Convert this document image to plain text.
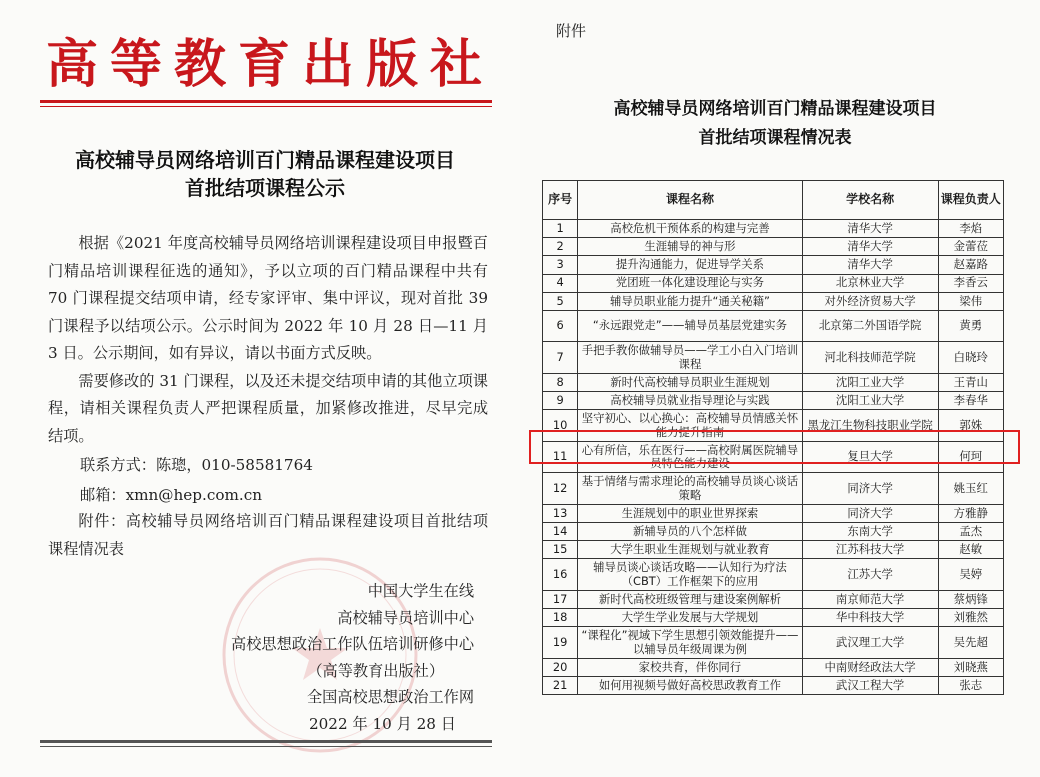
高等教育出版社
高校辅导员网络培训百门精品课程建设项目
首批结项课程公示

根据《2021 年度高校辅导员网络培训课程建设项目申报暨百门精品培训课程征选的通知》，予以立项的百门精品课程中共有 70 门课程提交结项申请，经专家评审、集中评议，现对首批 39 门课程予以结项公示。公示时间为 2022 年 10 月 28 日—11 月 3 日。公示期间，如有异议，请以书面方式反映。

需要修改的 31 门课程，以及还未提交结项申请的其他立项课程，请相关课程负责人严把课程质量，加紧修改推进，尽早完成结项。

联系方式：陈璁，010-58581764
邮箱：xmn@hep.com.cn

附件：高校辅导员网络培训百门精品课程建设项目首批结项课程情况表

中国大学生在线
高校辅导员培训中心
高校思想政治工作队伍培训研修中心
（高等教育出版社）
全国高校思想政治工作网
2022 年 10 月 28 日
附件
高校辅导员网络培训百门精品课程建设项目
首批结项课程情况表
序号	课程名称	学校名称	课程负责人
1	高校危机干预体系的构建与完善	清华大学	李焰
2	生涯辅导的神与形	清华大学	金蕾莅
3	提升沟通能力，促进导学关系	清华大学	赵嘉路
4	党团班一体化建设理论与实务	北京林业大学	李香云
5	辅导员职业能力提升“通关秘籍”	对外经济贸易大学	梁伟
6	“永远跟党走”——辅导员基层党建实务	北京第二外国语学院	黄勇
7	手把手教你做辅导员——学工小白入门培训课程	河北科技师范学院	白晓玲
8	新时代高校辅导员职业生涯规划	沈阳工业大学	王青山
9	高校辅导员就业指导理论与实践	沈阳工业大学	李春华
10	坚守初心、以心换心：高校辅导员情感关怀能力提升指南	黑龙江生物科技职业学院	郭姝
11	心有所信，乐在医行——高校附属医院辅导员特色能力建设	复旦大学	何珂
12	基于情绪与需求理论的高校辅导员谈心谈话策略	同济大学	姚玉红
13	生涯规划中的职业世界探索	同济大学	方雅静
14	新辅导员的八个怎样做	东南大学	孟杰
15	大学生职业生涯规划与就业教育	江苏科技大学	赵敏
16	辅导员谈心谈话攻略——认知行为疗法（CBT）工作框架下的应用	江苏大学	吴婷
17	新时代高校班级管理与建设案例解析	南京师范大学	蔡炳锋
18	大学生学业发展与大学规划	华中科技大学	刘雅然
19	“课程化”视域下学生思想引领效能提升——以辅导员年级周课为例	武汉理工大学	吴先超
20	家校共育，伴你同行	中南财经政法大学	刘晓燕
21	如何用视频号做好高校思政教育工作	武汉工程大学	张志
